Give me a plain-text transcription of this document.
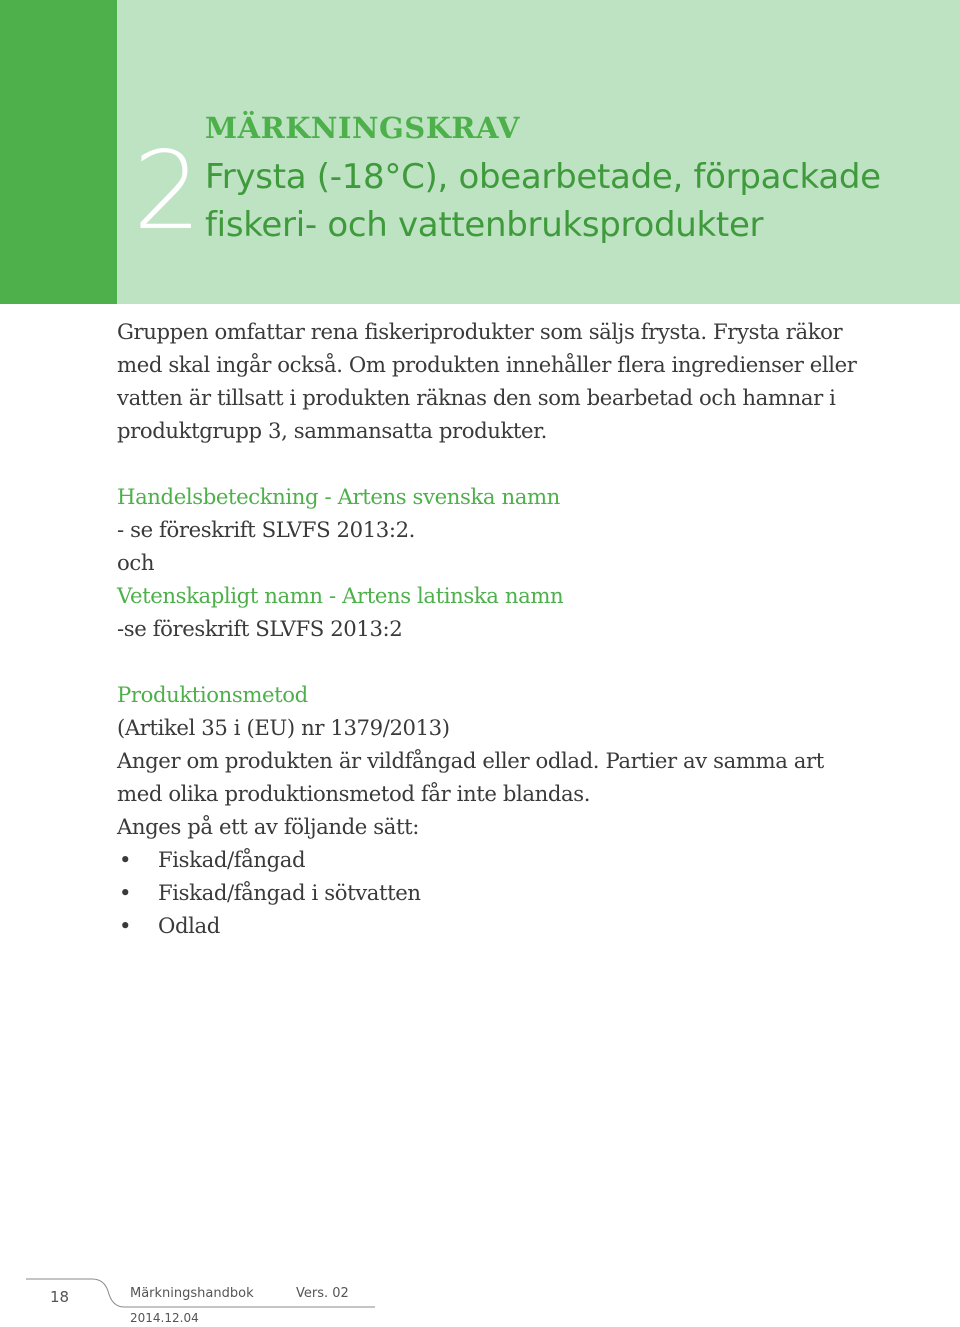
2
MÄRKNINGSKRAV
Frysta (-18°C), obearbetade, förpackade
fiskeri- och vattenbruksprodukter

Gruppen omfattar rena fiskeriprodukter som säljs frysta. Frysta räkor
med skal ingår också. Om produkten innehåller flera ingredienser eller
vatten är tillsatt i produkten räknas den som bearbetad och hamnar i
produktgrupp 3, sammansatta produkter.

Handelsbeteckning - Artens svenska namn

- se föreskrift SLVFS 2013:2.

och

Vetenskapligt namn - Artens latinska namn

-se föreskrift SLVFS 2013:2

Produktionsmetod

(Artikel 35 i (EU) nr 1379/2013)

Anger om produkten är vildfångad eller odlad. Partier av samma art
med olika produktionsmetod får inte blandas.
Anges på ett av följande sätt:

• Fiskad/fångad
• Fiskad/fångad i sötvatten
• Odlad
18	Märkningshandbok	Vers. 02
2014.12.04
